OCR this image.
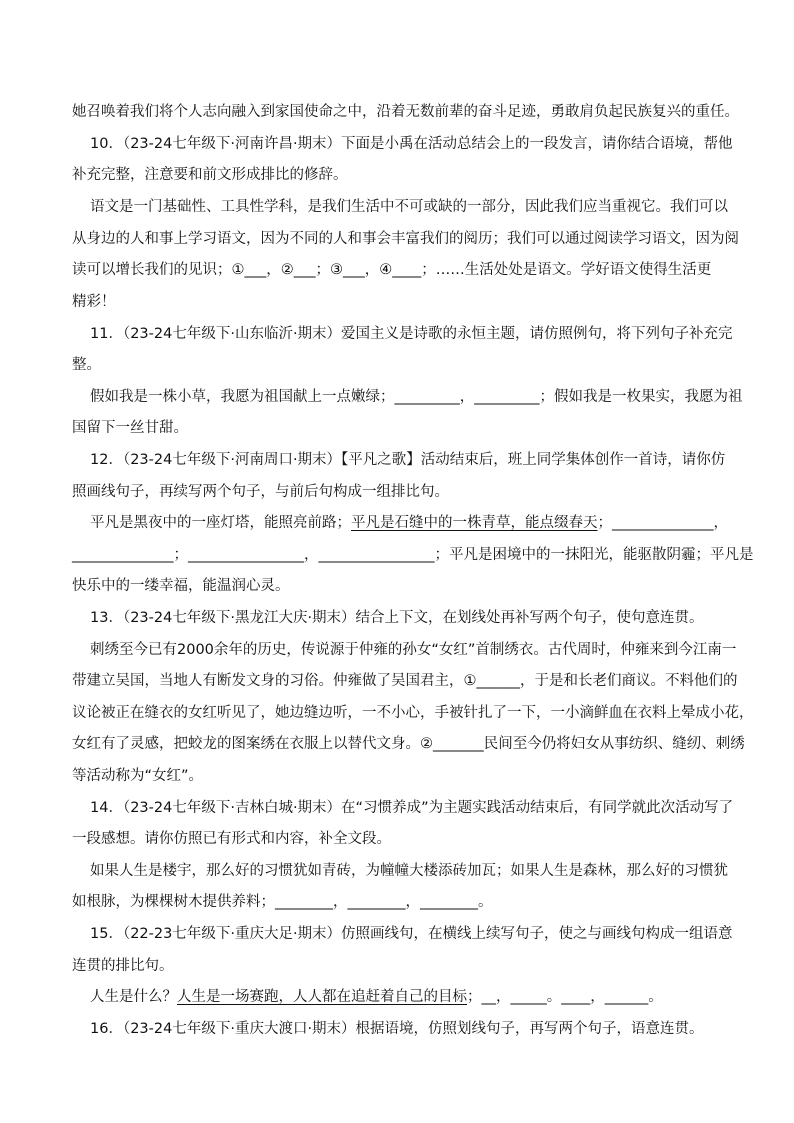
她召唤着我们将个人志向融入到家国使命之中，沿着无数前辈的奋斗足迹，勇敢肩负起民族复兴的重任。
10．（23-24七年级下·河南许昌·期末）下面是小禹在活动总结会上的一段发言，请你结合语境，帮他
补充完整，注意要和前文形成排比的修辞。
语文是一门基础性、工具性学科，是我们生活中不可或缺的一部分，因此我们应当重视它。我们可以
从身边的人和事上学习语文，因为不同的人和事会丰富我们的阅历；我们可以通过阅读学习语文，因为阅
读可以增长我们的见识；①___，②___；③___，④____；……生活处处是语文。学好语文使得生活更
精彩！
11．（23-24七年级下·山东临沂·期末）爱国主义是诗歌的永恒主题，请仿照例句，将下列句子补充完
整。
假如我是一株小草，我愿为祖国献上一点嫩绿；_________，_________；假如我是一枚果实，我愿为祖
国留下一丝甘甜。
12．（23-24七年级下·河南周口·期末）【平凡之歌】活动结束后，班上同学集体创作一首诗，请你仿
照画线句子，再续写两个句子，与前后句构成一组排比句。
平凡是黑夜中的一座灯塔，能照亮前路；平凡是石缝中的一株青草，能点缀春天；______________，
______________；________________，________________；平凡是困境中的一抹阳光，能驱散阴霾；平凡是
快乐中的一缕幸福，能温润心灵。
13．（23-24七年级下·黑龙江大庆·期末）结合上下文，在划线处再补写两个句子，使句意连贯。
刺绣至今已有2000余年的历史，传说源于仲雍的孙女“女红”首制绣衣。古代周时，仲雍来到今江南一
带建立吴国，当地人有断发文身的习俗。仲雍做了吴国君主，①______，于是和长老们商议。不料他们的
议论被正在缝衣的女红听见了，她边缝边听，一不小心，手被针扎了一下，一小滴鲜血在衣料上晕成小花，
女红有了灵感，把蛟龙的图案绣在衣服上以替代文身。②_______民间至今仍将妇女从事纺织、缝纫、刺绣
等活动称为“女红”。
14．（23-24七年级下·吉林白城·期末）在“习惯养成”为主题实践活动结束后，有同学就此次活动写了
一段感想。请你仿照已有形式和内容，补全文段。
如果人生是楼宇，那么好的习惯犹如青砖，为幢幢大楼添砖加瓦；如果人生是森林，那么好的习惯犹
如根脉，为棵棵树木提供养料；________，________，________。
15．（22-23七年级下·重庆大足·期末）仿照画线句，在横线上续写句子，使之与画线句构成一组语意
连贯的排比句。
人生是什么？人生是一场赛跑，人人都在追赶着自己的目标；__，_____。____，______。
16．（23-24七年级下·重庆大渡口·期末）根据语境，仿照划线句子，再写两个句子，语意连贯。
